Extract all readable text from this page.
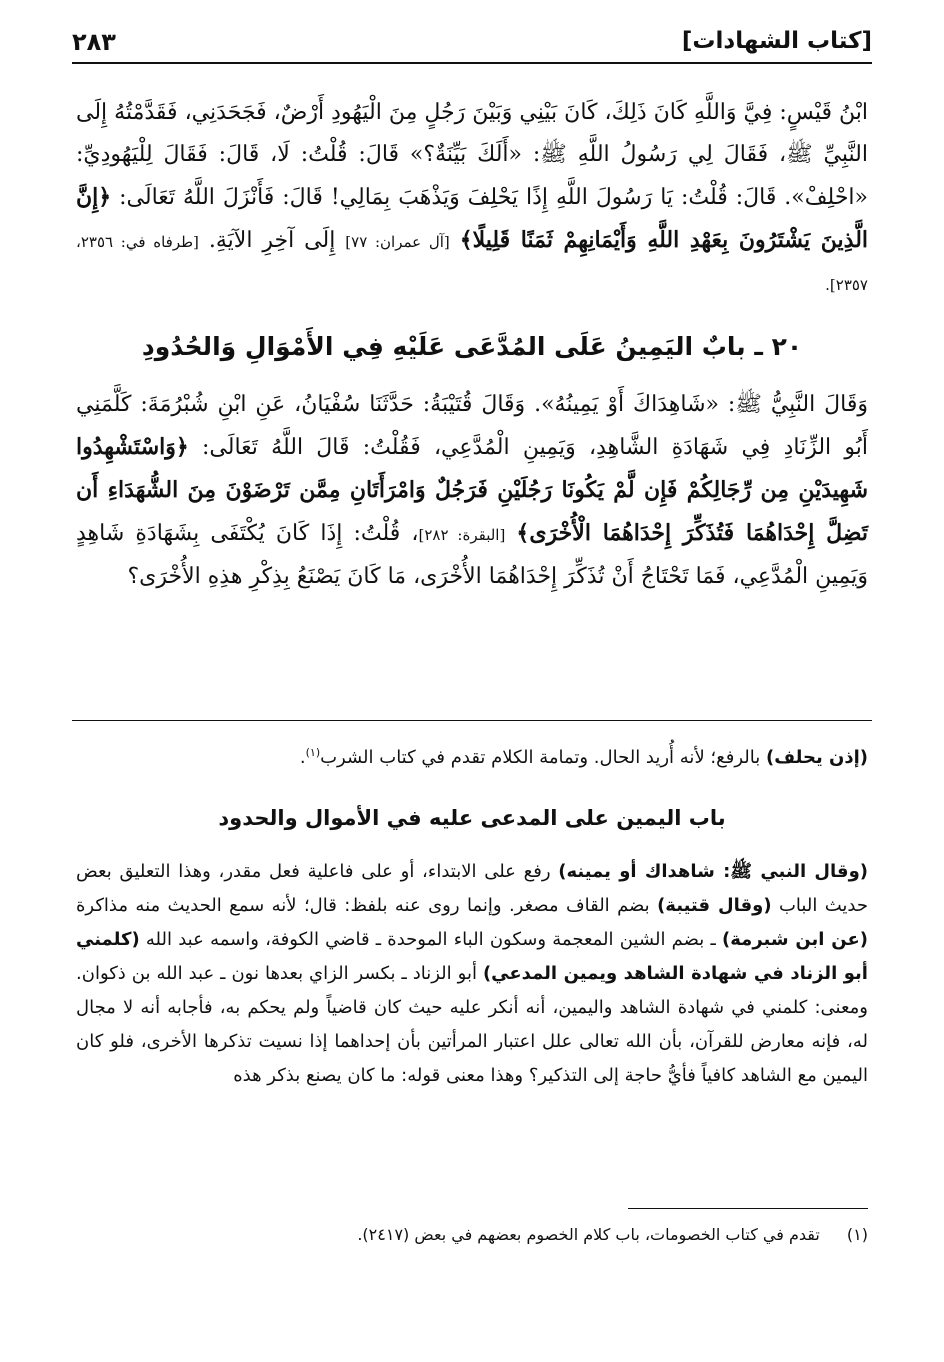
[كتاب الشهادات]
٢٨٣

ابْنُ قَيْسٍ: فِيَّ وَاللَّهِ كَانَ ذَلِكَ، كَانَ بَيْنِي وَبَيْنَ رَجُلٍ مِنَ الْيَهُودِ أَرْضٌ، فَجَحَدَنِي، فَقَدَّمْتُهُ إِلَى النَّبِيِّ ﷺ، فَقَالَ لِي رَسُولُ اللَّهِ ﷺ: «أَلَكَ بَيِّنَةٌ؟» قَالَ: قُلْتُ: لَا، قَالَ: فَقَالَ لِلْيَهُودِيِّ: «احْلِفْ». قَالَ: قُلْتُ: يَا رَسُولَ اللَّهِ إِذًا يَحْلِفَ وَيَذْهَبَ بِمَالِي! قَالَ: فَأَنْزَلَ اللَّهُ تَعَالَى: ﴿إِنَّ الَّذِينَ يَشْتَرُونَ بِعَهْدِ اللَّهِ وَأَيْمَانِهِمْ ثَمَنًا قَلِيلًا﴾ [آل عمران: ٧٧] إِلَى آخِرِ الآيَةِ. [طرفاه في: ٢٣٥٦، ٢٣٥٧].

٢٠ ـ بابٌ اليَمِينُ عَلَى المُدَّعَى عَلَيْهِ فِي الأَمْوَالِ وَالحُدُودِ

وَقَالَ النَّبِيُّ ﷺ: «شَاهِدَاكَ أَوْ يَمِينُهُ». وَقَالَ قُتَيْبَةُ: حَدَّثَنَا سُفْيَانُ، عَنِ ابْنِ شُبْرُمَةَ: كَلَّمَنِي أَبُو الزِّنَادِ فِي شَهَادَةِ الشَّاهِدِ، وَيَمِينِ الْمُدَّعِي، فَقُلْتُ: قَالَ اللَّهُ تَعَالَى: ﴿وَاسْتَشْهِدُوا شَهِيدَيْنِ مِن رِّجَالِكُمْ فَإِن لَّمْ يَكُونَا رَجُلَيْنِ فَرَجُلٌ وَامْرَأَتَانِ مِمَّن تَرْضَوْنَ مِنَ الشُّهَدَاءِ أَن تَضِلَّ إِحْدَاهُمَا فَتُذَكِّرَ إِحْدَاهُمَا الْأُخْرَى﴾ [البقرة: ٢٨٢]، قُلْتُ: إِذَا كَانَ يُكْتَفَى بِشَهَادَةِ شَاهِدٍ وَيَمِينِ الْمُدَّعِي، فَمَا تَحْتَاجُ أَنْ تُذَكِّرَ إِحْدَاهُمَا الأُخْرَى، مَا كَانَ يَصْنَعُ بِذِكْرِ هذِهِ الأُخْرَى؟

(إذن يحلف) بالرفع؛ لأنه أُريد الحال. وتمامة الكلام تقدم في كتاب الشرب$^{(١)}$.

باب اليمين على المدعى عليه في الأموال والحدود

(وقال النبي ﷺ: شاهداك أو يمينه) رفع على الابتداء، أو على فاعلية فعل مقدر، وهذا التعليق بعض حديث الباب (وقال قتيبة) بضم القاف مصغر. وإنما روى عنه بلفظ: قال؛ لأنه سمع الحديث منه مذاكرة (عن ابن شبرمة) ـ بضم الشين المعجمة وسكون الباء الموحدة ـ قاضي الكوفة، واسمه عبد الله (كلمني أبو الزناد في شهادة الشاهد ويمين المدعي) أبو الزناد ـ بكسر الزاي بعدها نون ـ عبد الله بن ذكوان. ومعنى: كلمني في شهادة الشاهد واليمين، أنه أنكر عليه حيث كان قاضياً ولم يحكم به، فأجابه أنه لا مجال له، فإنه معارض للقرآن، بأن الله تعالى علل اعتبار المرأتين بأن إحداهما إذا نسيت تذكرها الأخرى، فلو كان اليمين مع الشاهد كافياً فأيُّ حاجة إلى التذكير؟ وهذا معنى قوله: ما كان يصنع بذكر هذه

(١) تقدم في كتاب الخصومات، باب كلام الخصوم بعضهم في بعض (٢٤١٧).
